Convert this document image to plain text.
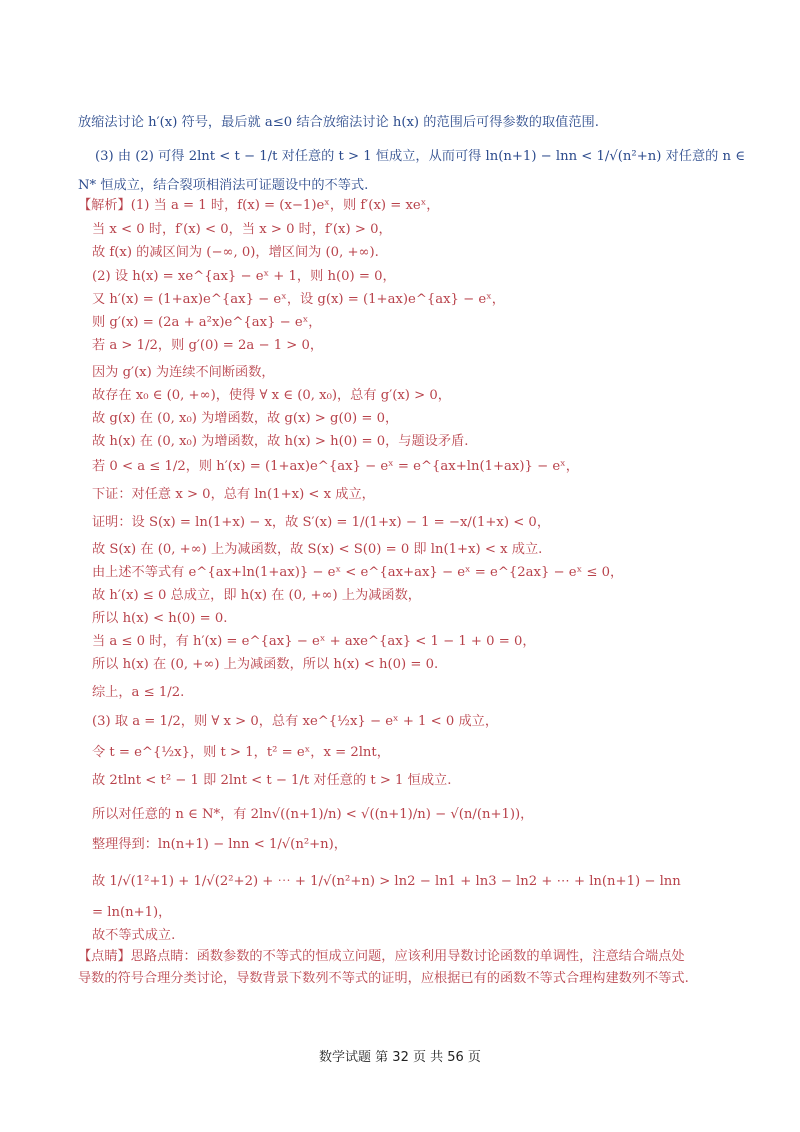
放缩法讨论 h′(x) 符号，最后就 a≤0 结合放缩法讨论 h(x) 的范围后可得参数的取值范围.
(3) 由 (2) 可得 2lnt < t − 1/t 对任意的 t > 1 恒成立，从而可得 ln(n+1) − lnn < 1/√(n²+n) 对任意的 n ∈
N* 恒成立，结合裂项相消法可证题设中的不等式.
【解析】(1) 当 a = 1 时，f(x) = (x−1)eˣ，则 f′(x) = xeˣ，
当 x < 0 时，f′(x) < 0，当 x > 0 时，f′(x) > 0，
故 f(x) 的减区间为 (−∞, 0)，增区间为 (0, +∞).
(2) 设 h(x) = xe^{ax} − eˣ + 1，则 h(0) = 0，
又 h′(x) = (1+ax)e^{ax} − eˣ，设 g(x) = (1+ax)e^{ax} − eˣ，
则 g′(x) = (2a + a²x)e^{ax} − eˣ，
若 a > 1/2，则 g′(0) = 2a − 1 > 0，
因为 g′(x) 为连续不间断函数，
故存在 x₀ ∈ (0, +∞)，使得 ∀ x ∈ (0, x₀)，总有 g′(x) > 0，
故 g(x) 在 (0, x₀) 为增函数，故 g(x) > g(0) = 0，
故 h(x) 在 (0, x₀) 为增函数，故 h(x) > h(0) = 0，与题设矛盾.
若 0 < a ≤ 1/2，则 h′(x) = (1+ax)e^{ax} − eˣ = e^{ax+ln(1+ax)} − eˣ，
下证：对任意 x > 0，总有 ln(1+x) < x 成立，
证明：设 S(x) = ln(1+x) − x，故 S′(x) = 1/(1+x) − 1 = −x/(1+x) < 0，
故 S(x) 在 (0, +∞) 上为减函数，故 S(x) < S(0) = 0 即 ln(1+x) < x 成立.
由上述不等式有 e^{ax+ln(1+ax)} − eˣ < e^{ax+ax} − eˣ = e^{2ax} − eˣ ≤ 0，
故 h′(x) ≤ 0 总成立，即 h(x) 在 (0, +∞) 上为减函数，
所以 h(x) < h(0) = 0.
当 a ≤ 0 时，有 h′(x) = e^{ax} − eˣ + axe^{ax} < 1 − 1 + 0 = 0，
所以 h(x) 在 (0, +∞) 上为减函数，所以 h(x) < h(0) = 0.
综上，a ≤ 1/2.
(3) 取 a = 1/2，则 ∀ x > 0，总有 xe^{½x} − eˣ + 1 < 0 成立，
令 t = e^{½x}，则 t > 1，t² = eˣ，x = 2lnt，
故 2tlnt < t² − 1 即 2lnt < t − 1/t 对任意的 t > 1 恒成立.
所以对任意的 n ∈ N*，有 2ln√((n+1)/n) < √((n+1)/n) − √(n/(n+1))，
整理得到：ln(n+1) − lnn < 1/√(n²+n)，
故 1/√(1²+1) + 1/√(2²+2) + ⋯ + 1/√(n²+n) > ln2 − ln1 + ln3 − ln2 + ⋯ + ln(n+1) − lnn
= ln(n+1)，
故不等式成立.
【点睛】思路点睛：函数参数的不等式的恒成立问题，应该利用导数讨论函数的单调性，注意结合端点处
导数的符号合理分类讨论，导数背景下数列不等式的证明，应根据已有的函数不等式合理构建数列不等式.
数学试题 第 32 页 共 56 页
